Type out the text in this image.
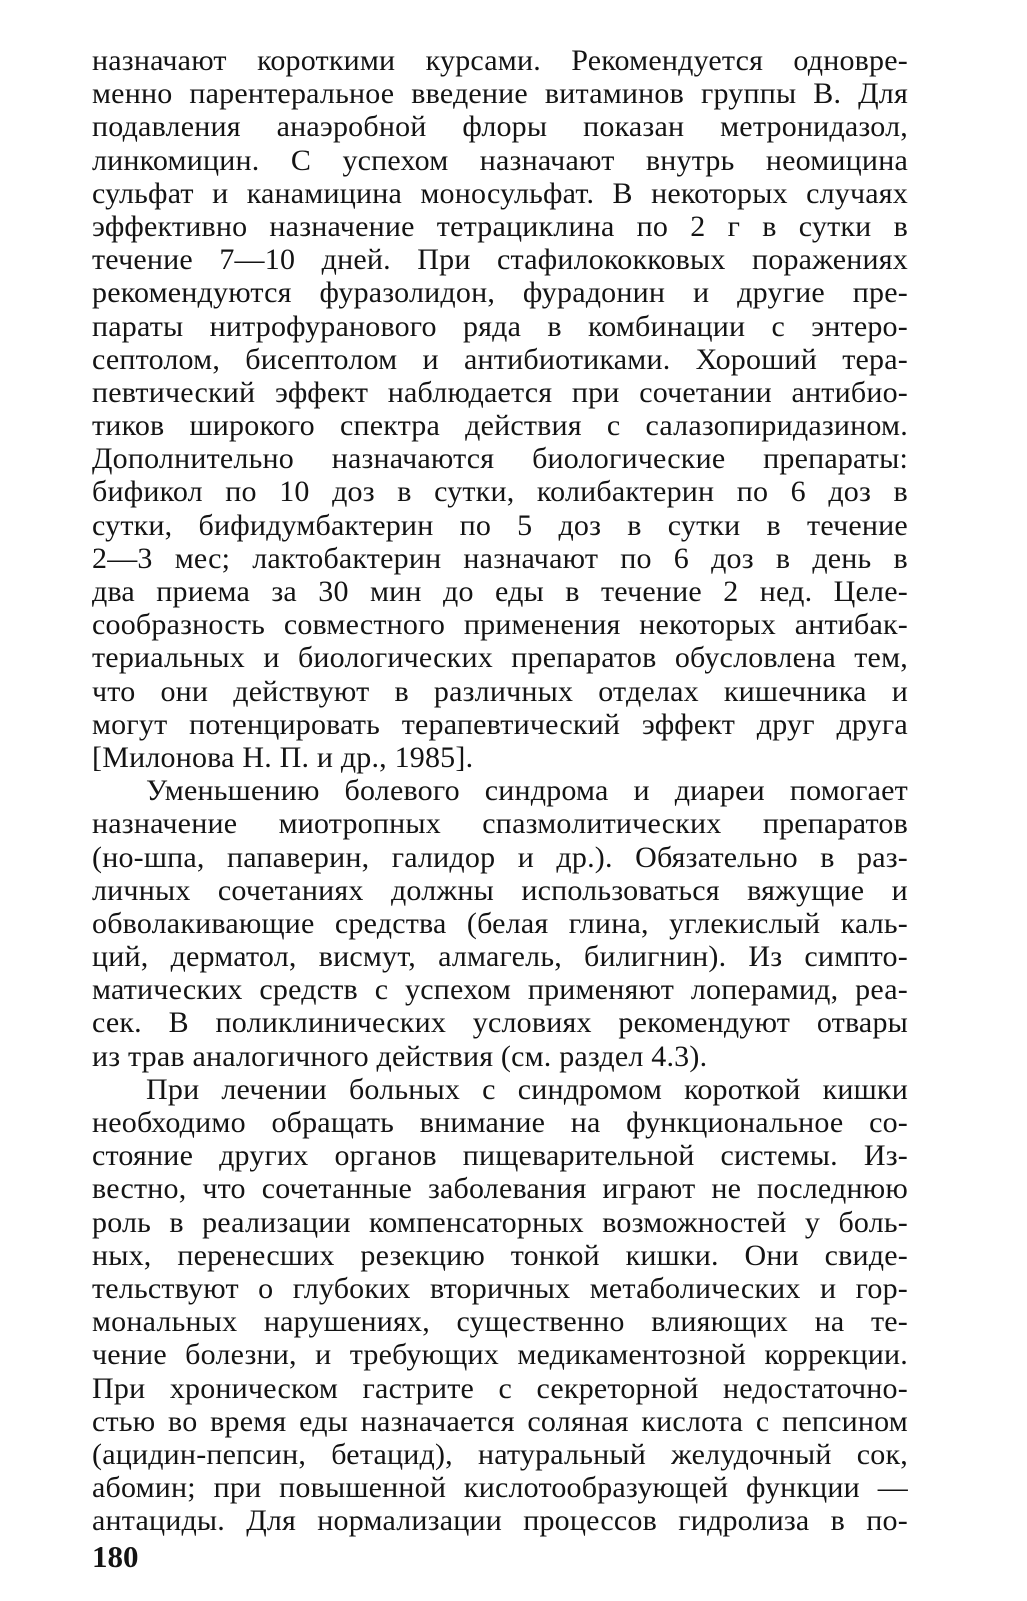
назначают короткими курсами. Рекомендуется одновре-
менно парентеральное введение витаминов группы В. Для
подавления анаэробной флоры показан метронидазол,
линкомицин. С успехом назначают внутрь неомицина
сульфат и канамицина моносульфат. В некоторых случаях
эффективно назначение тетрациклина по 2 г в сутки в
течение 7—10 дней. При стафилококковых поражениях
рекомендуются фуразолидон, фурадонин и другие пре-
параты нитрофуранового ряда в комбинации с энтеро-
септолом, бисептолом и антибиотиками. Хороший тера-
певтический эффект наблюдается при сочетании антибио-
тиков широкого спектра действия с салазопиридазином.
Дополнительно назначаются биологические препараты:
бификол по 10 доз в сутки, колибактерин по 6 доз в
сутки, бифидумбактерин по 5 доз в сутки в течение
2—3 мес; лактобактерин назначают по 6 доз в день в
два приема за 30 мин до еды в течение 2 нед. Целе-
сообразность совместного применения некоторых антибак-
териальных и биологических препаратов обусловлена тем,
что они действуют в различных отделах кишечника и
могут потенцировать терапевтический эффект друг друга
[Милонова Н. П. и др., 1985].
Уменьшению болевого синдрома и диареи помогает
назначение миотропных спазмолитических препаратов
(но-шпа, папаверин, галидор и др.). Обязательно в раз-
личных сочетаниях должны использоваться вяжущие и
обволакивающие средства (белая глина, углекислый каль-
ций, дерматол, висмут, алмагель, билигнин). Из симпто-
матических средств с успехом применяют лоперамид, реа-
сек. В поликлинических условиях рекомендуют отвары
из трав аналогичного действия (см. раздел 4.3).
При лечении больных с синдромом короткой кишки
необходимо обращать внимание на функциональное со-
стояние других органов пищеварительной системы. Из-
вестно, что сочетанные заболевания играют не последнюю
роль в реализации компенсаторных возможностей у боль-
ных, перенесших резекцию тонкой кишки. Они свиде-
тельствуют о глубоких вторичных метаболических и гор-
мональных нарушениях, существенно влияющих на те-
чение болезни, и требующих медикаментозной коррекции.
При хроническом гастрите с секреторной недостаточно-
стью во время еды назначается соляная кислота с пепсином
(ацидин-пепсин, бетацид), натуральный желудочный сок,
абомин; при повышенной кислотообразующей функции —
антациды. Для нормализации процессов гидролиза в по-
180
